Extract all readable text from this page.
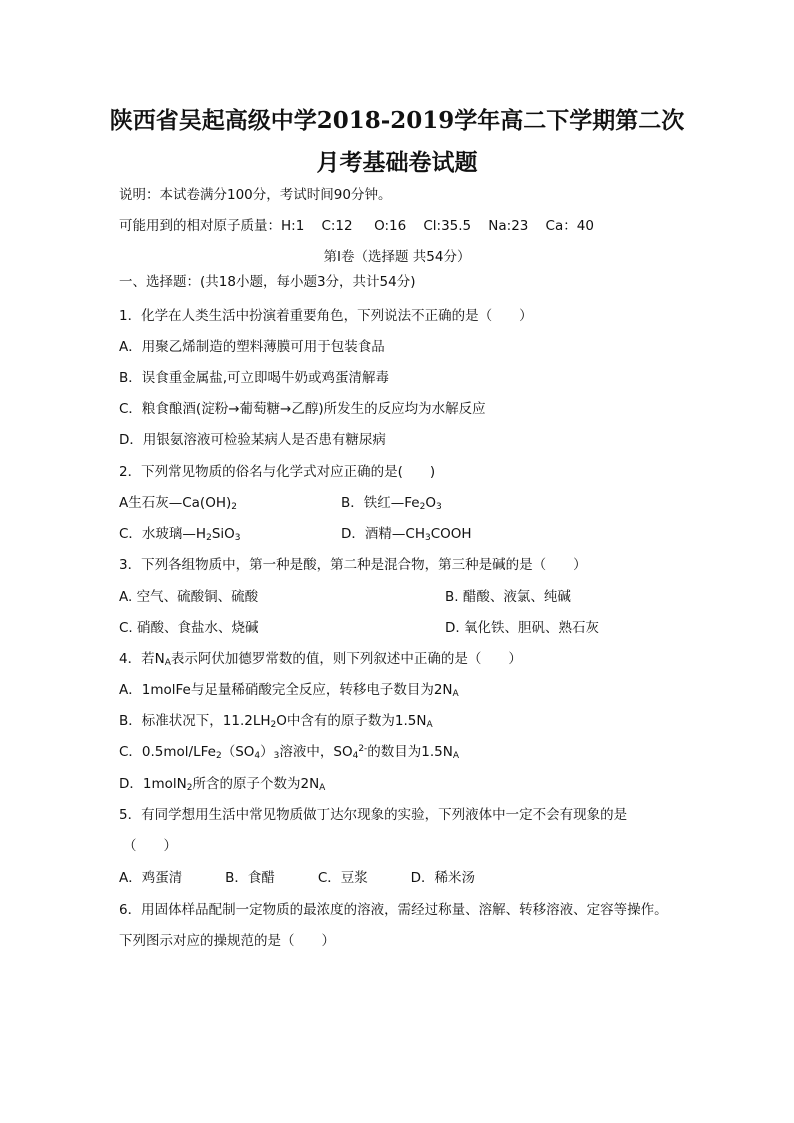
陕西省吴起高级中学2018-2019学年高二下学期第二次
月考基础卷试题
说明：本试卷满分100分，考试时间90分钟。
可能用到的相对原子质量：H:1    C:12     O:16    Cl:35.5    Na:23    Ca：40
第Ⅰ卷（选择题 共54分）
一、选择题：(共18小题，每小题3分，共计54分)
1．化学在人类生活中扮演着重要角色，下列说法不正确的是（　　）
A．用聚乙烯制造的塑料薄膜可用于包装食品
B．误食重金属盐,可立即喝牛奶或鸡蛋清解毒
C．粮食酿酒(淀粉→葡萄糖→乙醇)所发生的反应均为水解反应
D．用银氨溶液可检验某病人是否患有糖尿病
2．下列常见物质的俗名与化学式对应正确的是(　　)
A生石灰$—Ca(OH)_2$	B．铁红$—Fe_2O_3$
C．水玻璃$—H_2SiO_3$	D．酒精$—CH_3COOH$
3．下列各组物质中，第一种是酸，第二种是混合物，第三种是碱的是（　　）
A. 空气、硫酸铜、硫酸	B. 醋酸、液氯、纯碱
C. 硝酸、食盐水、烧碱	D. 氧化铁、胆矾、熟石灰
4．若$N_A$表示阿伏加德罗常数的值，则下列叙述中正确的是（　　）
A．1molFe与足量稀硝酸完全反应，转移电子数目为$2N_A$
B．标准状况下，$11.2LH_2O$中含有的原子数为$1.5N_A$
C．$0.5mol/LFe_2(SO_4)_3$溶液中，$SO_4^{2-}$的数目为$1.5N_A$
D．1molN$_2$所含的原子个数为$2N_A$
5．有同学想用生活中常见物质做丁达尔现象的实验，下列液体中一定不会有现象的是
（　　）
A．鸡蛋清          B．食醋          C．豆浆          D．稀米汤
6．用固体样品配制一定物质的最浓度的溶液，需经过称量、溶解、转移溶液、定容等操作。
下列图示对应的操规范的是（　　）
